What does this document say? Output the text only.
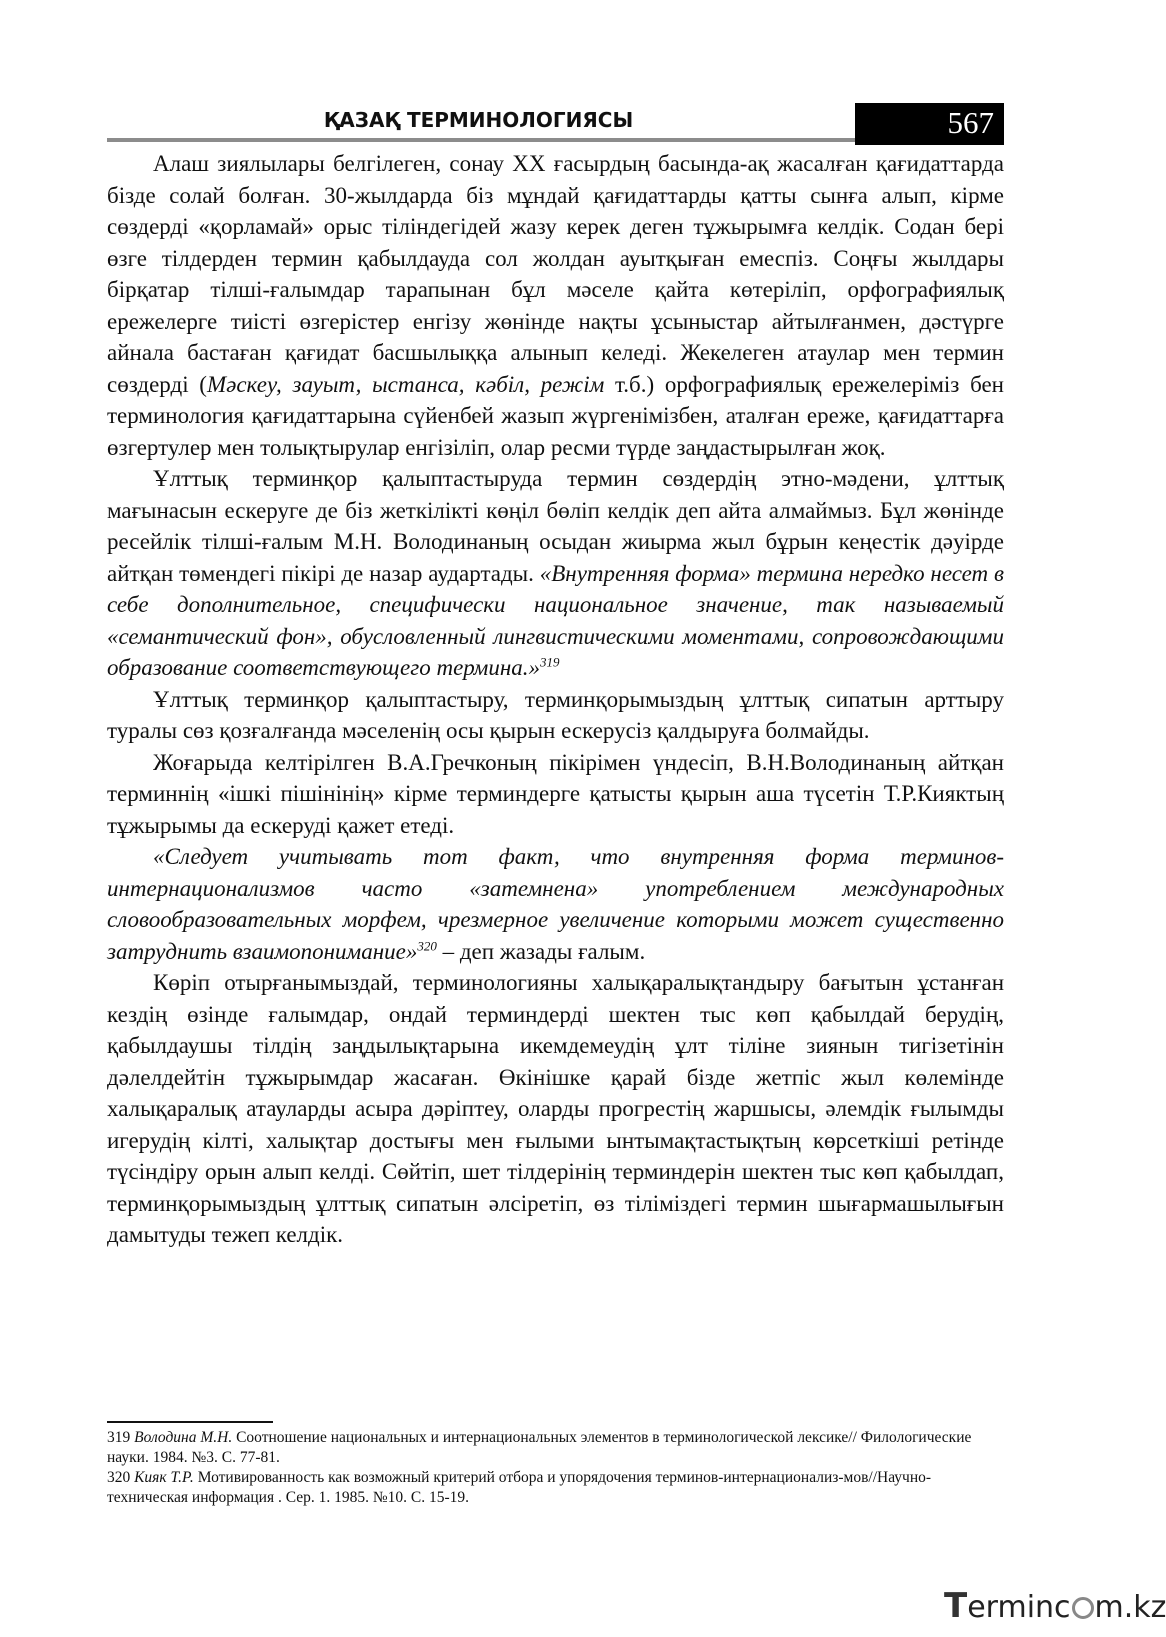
ҚАЗАҚ ТЕРМИНОЛОГИЯСЫ	567

Алаш зиялылары белгілеген, сонау XX ғасырдың басында-ақ жасалған қағидаттарда бізде солай болған. 30-жылдарда біз мұндай қағидаттарды қатты сынға алып, кірме сөздерді «қорламай» орыс тіліндегідей жазу керек деген тұжырымға келдік. Содан бері өзге тілдерден термин қабылдауда сол жолдан ауытқыған емеспіз. Соңғы жылдары бірқатар тілші-ғалымдар тарапынан бұл мәселе қайта көтеріліп, орфографиялық ережелерге тиісті өзгерістер енгізу жөнінде нақты ұсыныстар айтылғанмен, дәстүрге айнала бастаған қағидат басшылыққа алынып келеді. Жекелеген атаулар мен термин сөздерді (Мәскеу, зауыт, ыстанса, кәбіл, режім т.б.) орфографиялық ережелеріміз бен терминология қағидаттарына сүйенбей жазып жүргенімізбен, аталған ереже, қағидаттарға өзгертулер мен толықтырулар енгізіліп, олар ресми түрде заңдастырылған жоқ.

Ұлттық терминқор қалыптастыруда термин сөздердің этно-мәдени, ұлттық мағынасын ескеруге де біз жеткілікті көңіл бөліп келдік деп айта алмаймыз. Бұл жөнінде ресейлік тілші-ғалым М.Н. Володинаның осыдан жиырма жыл бұрын кеңестік дәуірде айтқан төмендегі пікірі де назар аудартады. «Внутренняя форма» термина нередко несет в себе дополнительное, специфически национальное значение, так называемый «семантический фон», обусловленный лингвистическими моментами, сопровождающими образование соответствующего термина.»$^{319}$

Ұлттық терминқор қалыптастыру, терминқорымыздың ұлттық сипатын арттыру туралы сөз қозғалғанда мәселенің осы қырын ескерусіз қалдыруға болмайды.

Жоғарыда келтірілген В.А.Гречконың пікірімен үндесіп, В.Н.Володинаның айтқан терминнің «ішкі пішінінің» кірме терминдерге қатысты қырын аша түсетін Т.Р.Кияктың тұжырымы да ескеруді қажет етеді.

«Следует учитывать тот факт, что внутренняя форма терминов-интернационализмов часто «затемнена» употреблением международных словообразовательных морфем, чрезмерное увеличение которыми может существенно затруднить взаимопонимание»$^{320}$ – деп жазады ғалым.

Көріп отырғанымыздай, терминологияны халықаралықтандыру бағытын ұстанған кездің өзінде ғалымдар, ондай терминдерді шектен тыс көп қабылдай берудің, қабылдаушы тілдің заңдылықтарына икемдемеудің ұлт тіліне зиянын тигізетінін дәлелдейтін тұжырымдар жасаған. Өкінішке қарай бізде жетпіс жыл көлемінде халықаралық атауларды асыра дәріптеу, оларды прогрестің жаршысы, әлемдік ғылымды игерудің кілті, халықтар достығы мен ғылыми ынтымақтастықтың көрсеткіші ретінде түсіндіру орын алып келді. Сөйтіп, шет тілдерінің терминдерін шектен тыс көп қабылдап, терминқорымыздың ұлттық сипатын әлсіретіп, өз тіліміздегі термин шығармашылығын дамытуды тежеп келдік.

319 Володина М.Н. Соотношение национальных и интернациональных элементов в терминологической лексике// Филологические науки. 1984. №3. С. 77-81.

320 Кияк Т.Р. Мотивированность как возможный критерий отбора и упорядочения терминов-интернационализ-мов//Научно-техническая информация . Сер. 1. 1985. №10. С. 15-19.

Terminc m.kz
